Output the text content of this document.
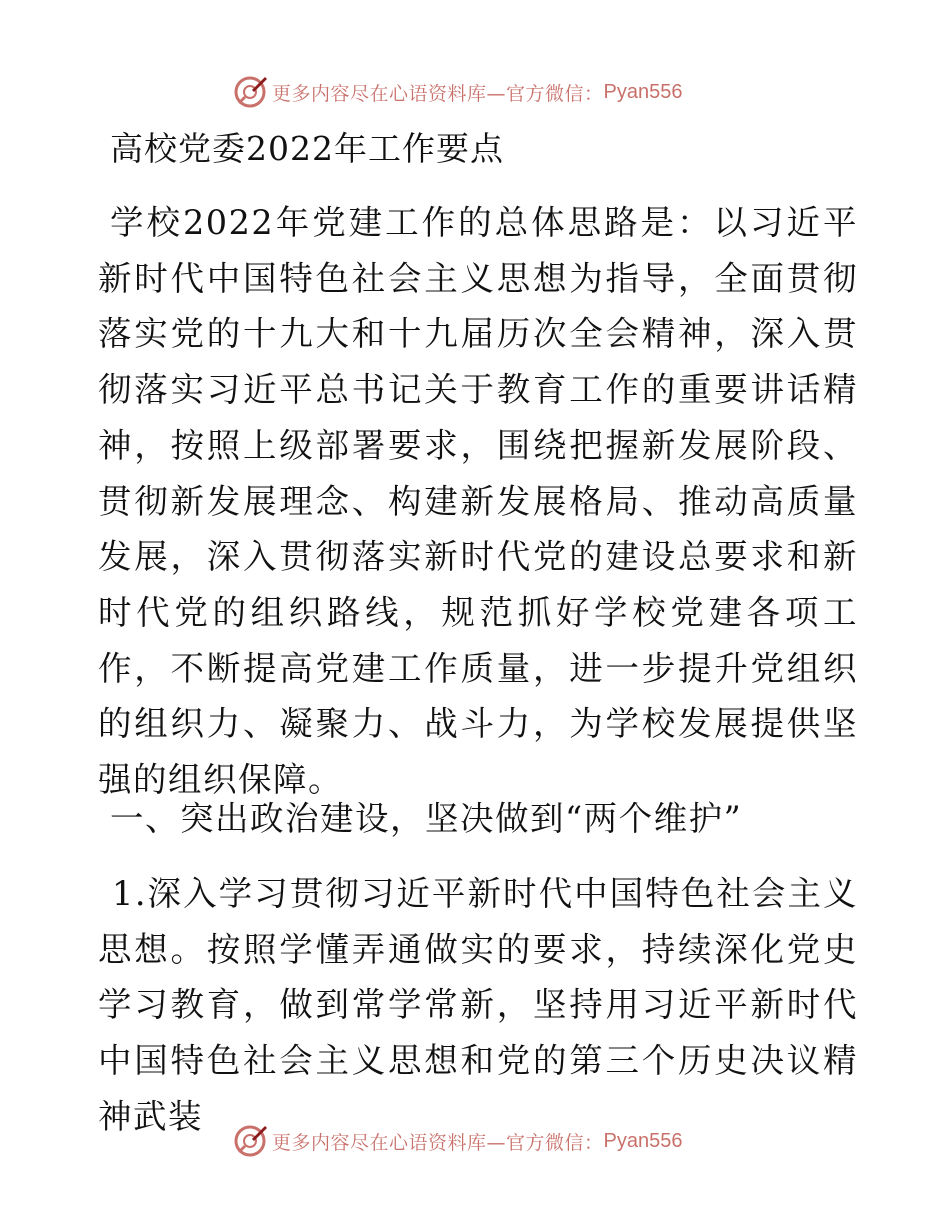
更多内容尽在心语资料库—官方微信： Pyan556
高校党委2022年工作要点

学校2022年党建工作的总体思路是：以习近平新时代中国特色社会主义思想为指导，全面贯彻落实党的十九大和十九届历次全会精神，深入贯彻落实习近平总书记关于教育工作的重要讲话精神，按照上级部署要求，围绕把握新发展阶段、贯彻新发展理念、构建新发展格局、推动高质量发展，深入贯彻落实新时代党的建设总要求和新时代党的组织路线，规范抓好学校党建各项工作，不断提高党建工作质量，进一步提升党组织的组织力、凝聚力、战斗力，为学校发展提供坚强的组织保障。

一、突出政治建设，坚决做到“两个维护”

1.深入学习贯彻习近平新时代中国特色社会主义思想。按照学懂弄通做实的要求，持续深化党史学习教育，做到常学常新，坚持用习近平新时代中国特色社会主义思想和党的第三个历史决议精神武装

更多内容尽在心语资料库—官方微信： Pyan556
